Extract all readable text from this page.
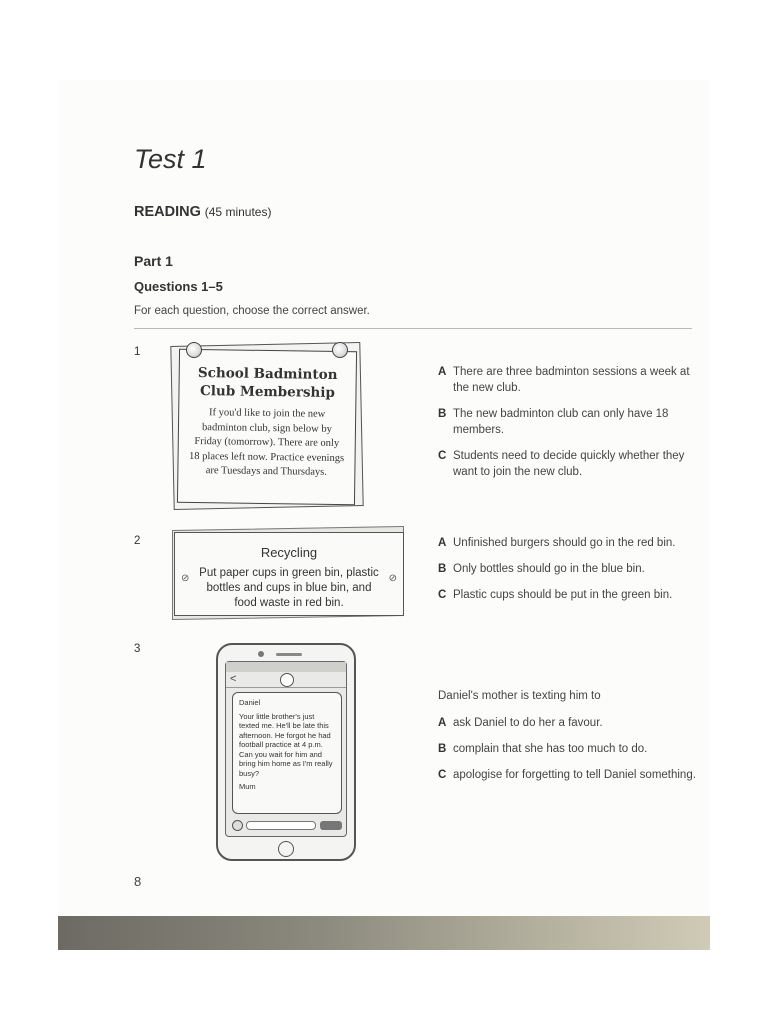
Test 1
READING (45 minutes)
Part 1
Questions 1–5
For each question, choose the correct answer.
1
School Badminton
Club Membership
If you'd like to join the new badminton club, sign below by Friday (tomorrow). There are only 18 places left now. Practice evenings are Tuesdays and Thursdays.
A There are three badminton sessions a week at the new club.
B The new badminton club can only have 18 members.
C Students need to decide quickly whether they want to join the new club.
2
Recycling
Put paper cups in green bin, plastic bottles and cups in blue bin, and food waste in red bin.
⊘	⊘
A Unfinished burgers should go in the red bin.
B Only bottles should go in the blue bin.
C Plastic cups should be put in the green bin.
3
<
Daniel
Your little brother's just texted me. He'll be late this afternoon. He forgot he had football practice at 4 p.m. Can you wait for him and bring him home as I'm really busy?
Mum
Daniel's mother is texting him to
A ask Daniel to do her a favour.
B complain that she has too much to do.
C apologise for forgetting to tell Daniel something.
8
